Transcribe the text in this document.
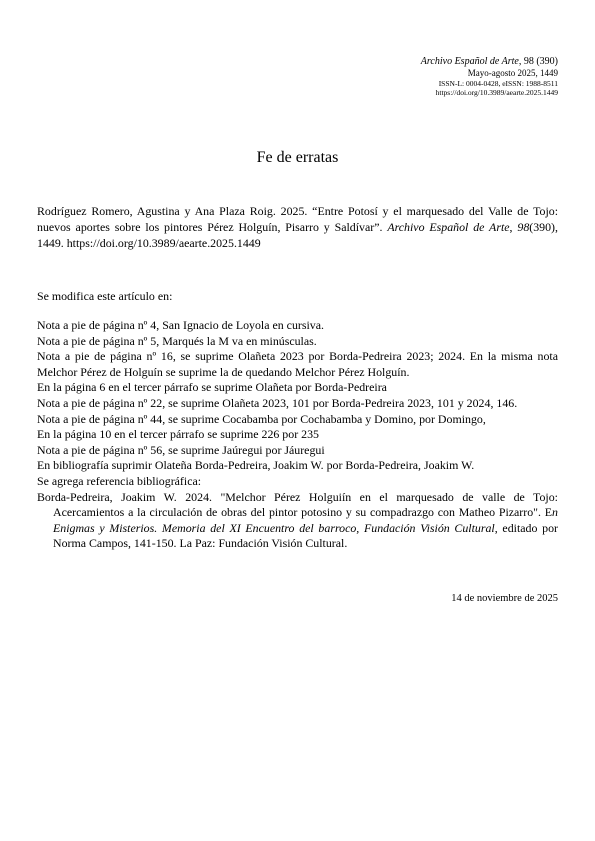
Archivo Español de Arte, 98 (390)
Mayo-agosto 2025, 1449
ISSN-L: 0004-0428, eISSN: 1988-8511
https://doi.org/10.3989/aearte.2025.1449
Fe de erratas
Rodríguez Romero, Agustina y Ana Plaza Roig. 2025. “Entre Potosí y el marquesado del Valle de Tojo: nuevos aportes sobre los pintores Pérez Holguín, Pisarro y Saldívar”. Archivo Español de Arte, 98(390), 1449. https://doi.org/10.3989/aearte.2025.1449
Se modifica este artículo en:
Nota a pie de página nº 4, San Ignacio de Loyola en cursiva.
Nota a pie de página nº 5, Marqués la M va en minúsculas.
Nota a pie de página nº 16, se suprime Olañeta 2023 por Borda-Pedreira 2023; 2024. En la misma nota Melchor Pérez de Holguín se suprime la de quedando Melchor Pérez Holguín.
En la página 6 en el tercer párrafo se suprime Olañeta por Borda-Pedreira
Nota a pie de página nº 22, se suprime Olañeta 2023, 101 por Borda-Pedreira 2023, 101 y 2024, 146.
Nota a pie de página nº 44, se suprime Cocabamba por Cochabamba y Domino, por Domingo,
En la página 10 en el tercer párrafo se suprime 226 por 235
Nota a pie de página nº 56, se suprime Jaúregui por Jáuregui
En bibliografía suprimir Olateña Borda-Pedreira, Joakim W. por Borda-Pedreira, Joakim W.
Se agrega referencia bibliográfica:
Borda-Pedreira, Joakim W. 2024. "Melchor Pérez Holguiín en el marquesado de valle de Tojo: Acercamientos a la circulación de obras del pintor potosino y su compadrazgo con Matheo Pizarro". En Enigmas y Misterios. Memoria del XI Encuentro del barroco, Fundación Visión Cultural, editado por Norma Campos, 141-150. La Paz: Fundación Visión Cultural.
14 de noviembre de 2025
